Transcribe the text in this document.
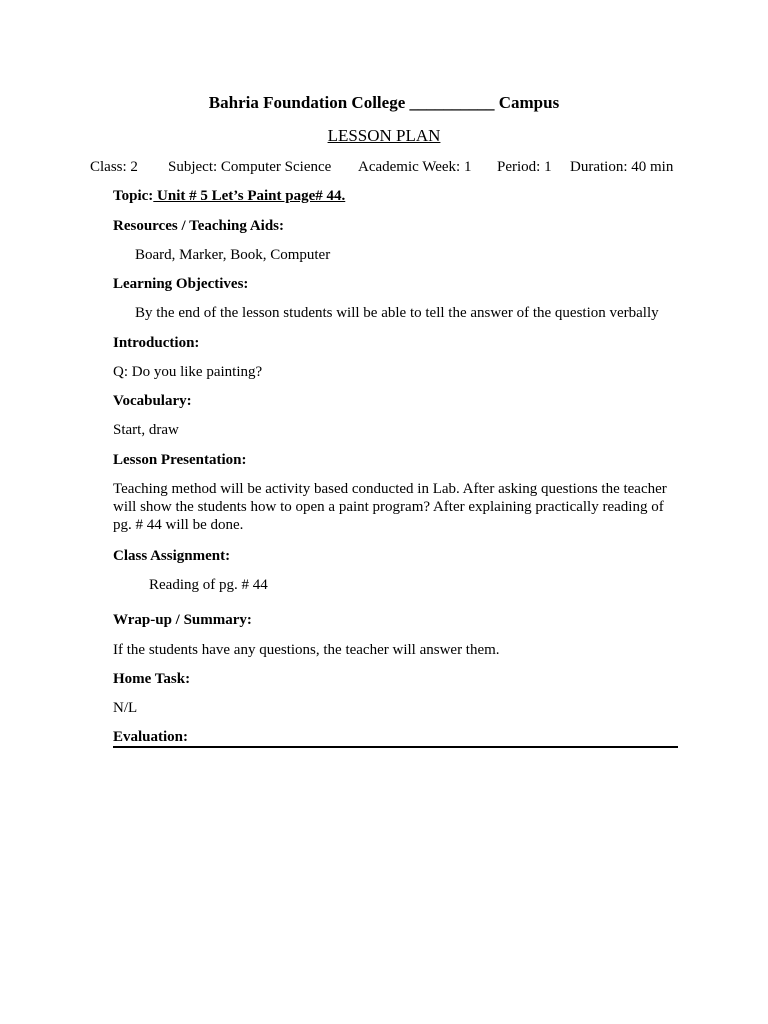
Bahria Foundation College __________ Campus
LESSON PLAN
Class: 2 Subject: Computer Science Academic Week: 1 Period: 1 Duration: 40 min
Topic: Unit # 5 Let’s Paint page# 44.
Resources / Teaching Aids:
Board, Marker, Book, Computer
Learning Objectives:
By the end of the lesson students will be able to tell the answer of the question verbally
Introduction:
Q: Do you like painting?
Vocabulary:
Start, draw
Lesson Presentation:
Teaching method will be activity based conducted in Lab. After asking questions the teacher will show the students how to open a paint program? After explaining practically reading of pg. # 44 will be done.
Class Assignment:
Reading of pg. # 44
Wrap-up / Summary:
If the students have any questions, the teacher will answer them.
Home Task:
N/L
Evaluation:
